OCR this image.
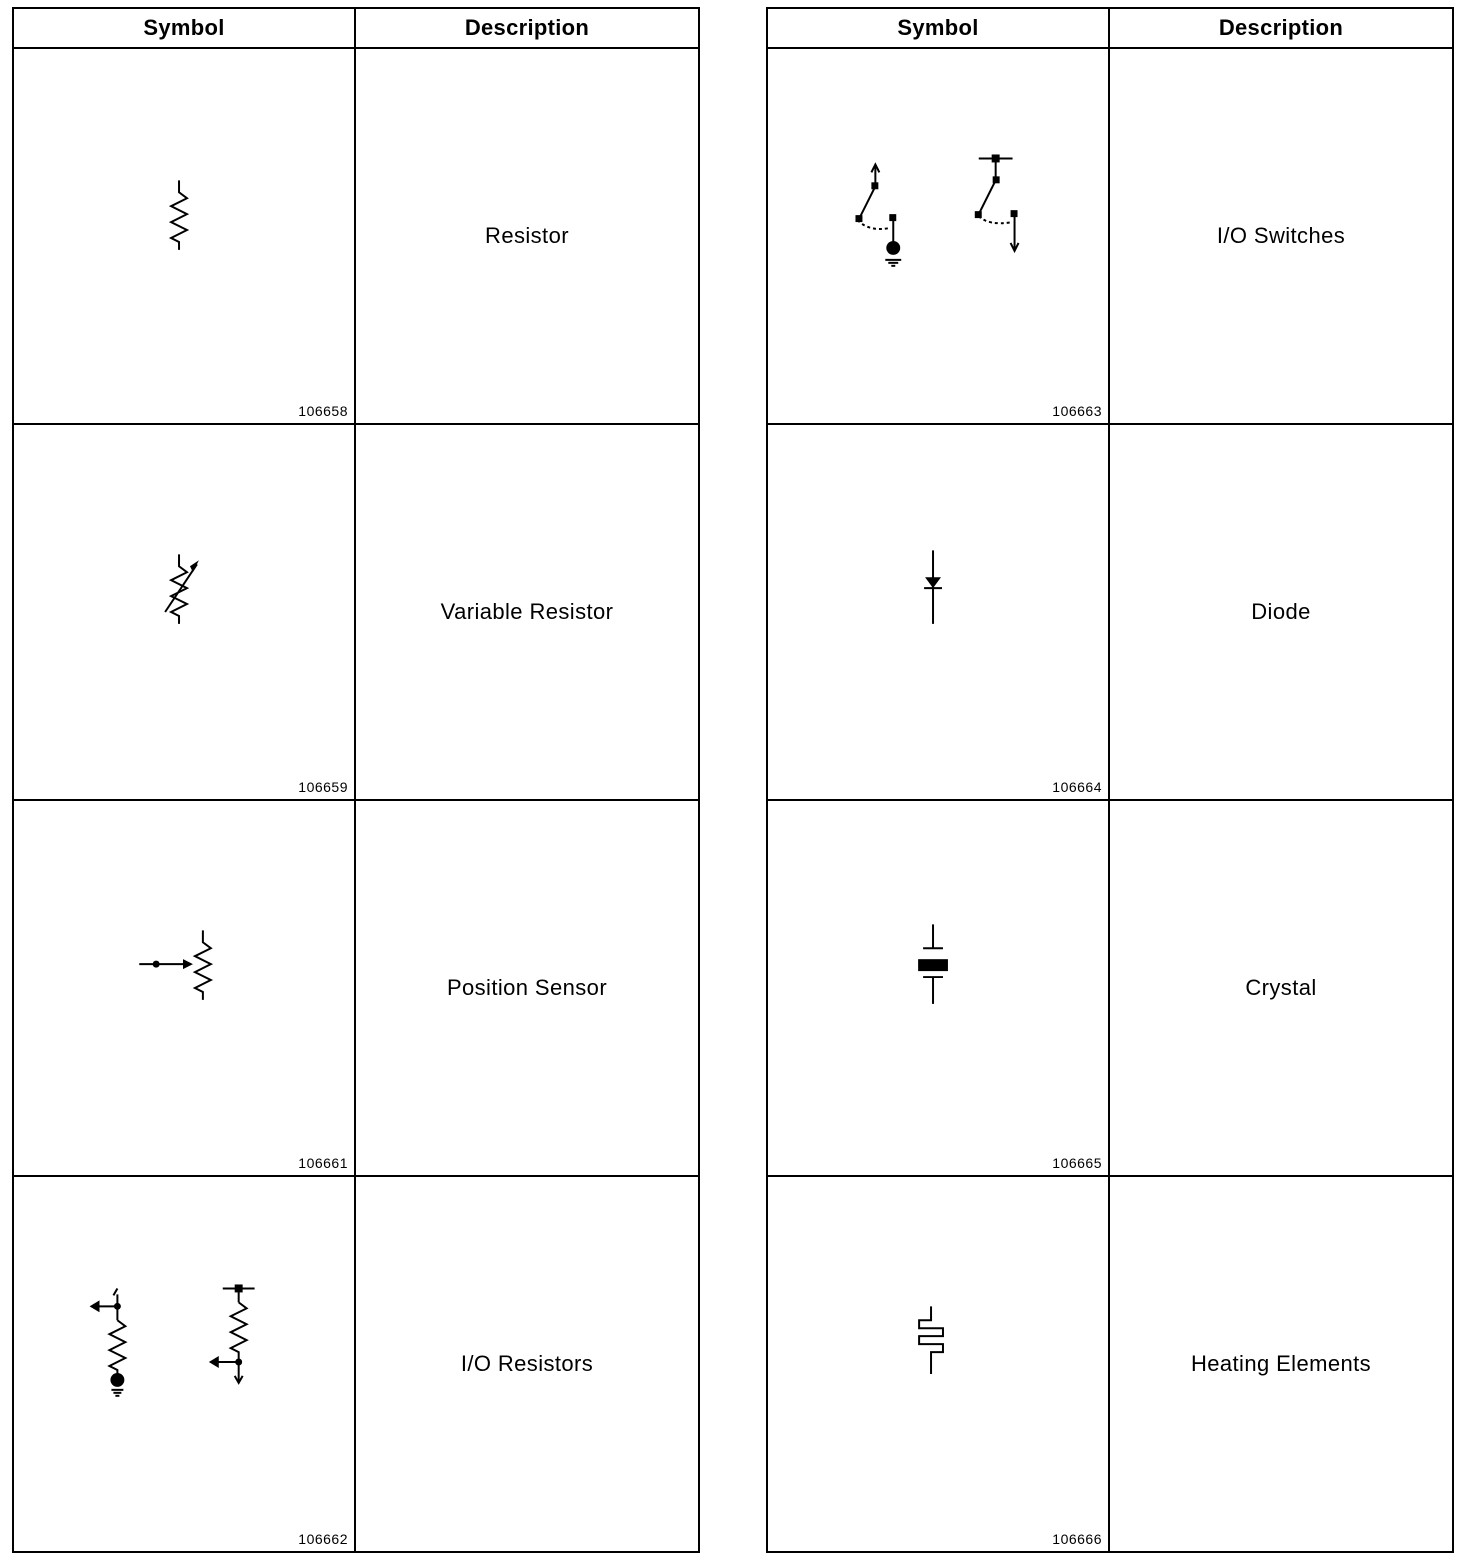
Symbol	Description

106658	Resistor

106659	Variable Resistor

106661	Position Sensor

106662	I/O Resistors
Symbol	Description

106663	I/O Switches

106664	Diode

106665	Crystal

106666	Heating Elements
